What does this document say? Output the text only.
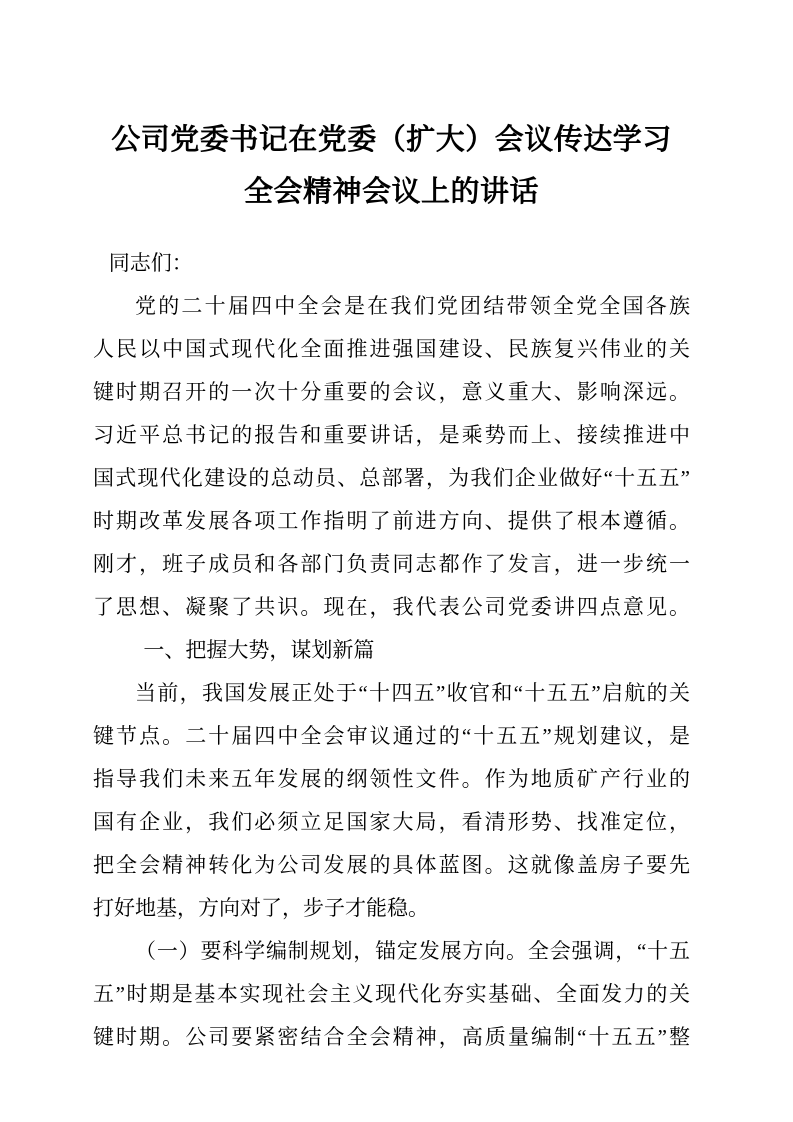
公司党委书记在党委（扩大）会议传达学习
全会精神会议上的讲话
同志们：
党的二十届四中全会是在我们党团结带领全党全国各族
人民以中国式现代化全面推进强国建设、民族复兴伟业的关
键时期召开的一次十分重要的会议，意义重大、影响深远。
习近平总书记的报告和重要讲话，是乘势而上、接续推进中
国式现代化建设的总动员、总部署，为我们企业做好“十五五”
时期改革发展各项工作指明了前进方向、提供了根本遵循。
刚才，班子成员和各部门负责同志都作了发言，进一步统一
了思想、凝聚了共识。现在，我代表公司党委讲四点意见。
一、把握大势，谋划新篇
当前，我国发展正处于“十四五”收官和“十五五”启航的关
键节点。二十届四中全会审议通过的“十五五”规划建议，是
指导我们未来五年发展的纲领性文件。作为地质矿产行业的
国有企业，我们必须立足国家大局，看清形势、找准定位，
把全会精神转化为公司发展的具体蓝图。这就像盖房子要先
打好地基，方向对了，步子才能稳。
（一）要科学编制规划，锚定发展方向。全会强调，“十五
五”时期是基本实现社会主义现代化夯实基础、全面发力的关
键时期。公司要紧密结合全会精神，高质量编制“十五五”整
